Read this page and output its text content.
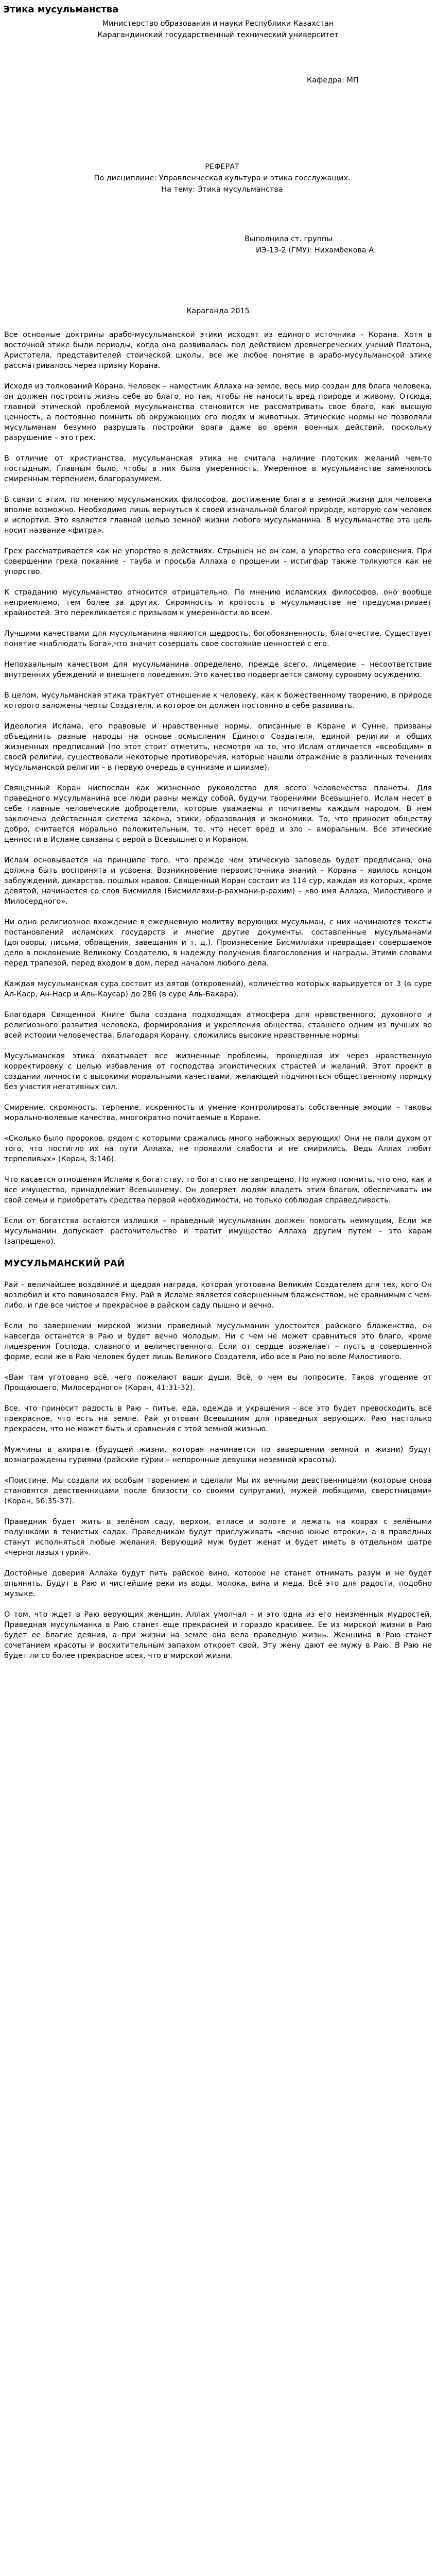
Этика мусульманства
Министерство образования и науки Республики Казахстан
Карагандинский государственный технический университет
Кафедра: МП
РЕФЕРАТ
По дисциплине: Управленческая культура и этика госслужащих.
На тему: Этика мусульманства
Выполнила ст. группы
ИЭ-13-2 (ГМУ): Нихамбекова А.
Караганда 2015

Все основные доктрины арабо-мусульманской этики исходят из единого источника - Корана. Хотя в восточной этике были периоды, когда она развивалась под действием древнегреческих учений Платона, Аристотеля, представителей стоической школы, все же любое понятие в арабо-мусульманской этике рассматривалось через призму Корана.

Исходя из толкований Корана. Человек – наместник Аллаха на земле, весь мир создан для блага человека, он должен построить жизнь себе во благо, но так, чтобы не наносить вред природе и живому. Отсюда, главной этической проблемой мусульманства становится не рассматривать свое благо, как высшую ценность, а постоянно помнить об окружающих его людях и животных. Этические нормы не позволяли мусульманам безумно разрушать постройки врага даже во время военных действий, поскольку разрушение – это грех.

В отличие от христианства, мусульманская этика не считала наличие плотских желаний чем-то постыдным. Главным было, чтобы в них была умеренность. Умеренное в мусульманстве заменялось смиренным терпением, благоразумием.

В связи с этим, по мнению мусульманских философов, достижение блага в земной жизни для человека вполне возможно. Необходимо лишь вернуться к своей изначальной благой природе, которую сам человек и испортил. Это является главной целью земной жизни любого мусульманина. В мусульманстве эта цель носит название «фитра».

Грех рассматривается как не упорство в действиях. Стрышен не он сам, а упорство его совершения. При совершении греха покаяние – тауба и просьба Аллаха о прощении – истигфар также толкуются как не упорство.

К страданию мусульманство относится отрицательно. По мнению исламских философов, оно вообще неприемлемо, тем более за других. Скромность и кротость в мусульманстве не предусматривает крайностей. Это перекликается с призывом к умеренности во всем.

Лучшими качествами для мусульманина являются щедрость, богобоязненность, благочестие. Существует понятие «наблюдать Бога»,что значит созерцать свое состояние ценностей с его.

Непохвальным качеством для мусульманина определено, прежде всего, лицемерие – несоответствие внутренних убеждений и внешнего поведения. Это качество подвергается самому суровому осуждению.

В целом, мусульманская этика трактует отношение к человеку, как к божественному творению, в природе которого заложены черты Создателя, и которое он должен постоянно в себе развивать.

Идеология Ислама, его правовые и нравственные нормы, описанные в Коране и Сунне, призваны объединить разные народы на основе осмысления Единого Создателя, единой религии и общих жизненных предписаний (по этот стоит отметить, несмотря на то, что Ислам отличается «всеобщим» в своей религии, существовали некоторые противоречия, которые нашли отражение в различных течениях мусульманской религии – в первую очередь в суннизме и шиизме).

Священный Коран ниспослан как жизненное руководство для всего человечества планеты. Для праведного мусульманина все люди равны между собой, будучи творениями Всевышнего. Ислам несет в себе главные человеческие добродетели, которые уважаемы и почитаемы каждым народом. В нем заключена действенная система закона, этики, образования и экономики. То, что приносит обществу добро, считается морально положительным, то, что несет вред и зло – аморальным. Все этические ценности в Исламе связаны с верой в Всевышнего и Кораном.

Ислам основывается на принципе того, что прежде чем этическую заповедь будет предписана, она должна быть воспринята и усвоена. Возникновение первоисточника знаний – Корана – явилось концом заблуждений, дикарства, пошлых нравов. Священный Коран состоит из 114 сур, каждая из которых, кроме девятой, начинается со слов Бисмилля (Бисмилляхи-р-рахмани-р-рахим) – «во имя Аллаха, Милостивого и Милосердного».

Ни одно религиозное вхождение в ежедневную молитву верующих мусульман, с них начинаются тексты постановлений исламских государств и многие другие документы, составленные мусульманами (договоры, письма, обращения, завещания и т. д.). Произнесение Бисмиллахи превращает совершаемое дело в поклонение Великому Создателю, в надежду получения благословения и награды. Этими словами перед трапезой, перед входом в дом, перед началом любого дела.

Каждая мусульманская сура состоит из аятов (откровений), количество которых варьируется от 3 (в суре Ал-Каср, Ан-Наср и Аль-Каусар) до 286 (в суре Аль-Бакара).

Благодаря Священной Книге была создана подходящая атмосфера для нравственного, духовного и религиозного развития человека, формирования и укрепления общества, ставшего одним из лучших во всей истории человечества. Благодаря Корану, сложились высокие нравственные нормы.

Мусульманская этика охватывает все жизненные проблемы, прошедшая их через нравственную корректировку с целью избавления от господства эгоистических страстей и желаний. Этот проект в создании личности с высокими моральными качествами, желающей подчиняться общественному порядку без участия негативных сил.

Смирение, скромность, терпение, искренность и умение контролировать собственные эмоции – таковы морально-волевые качества, многократно почитаемые в Коране.

«Сколько было пророков, рядом с которыми сражались много набожных верующих! Они не пали духом от того, что постигло их на пути Аллаха, не проявили слабости и не смирились. Ведь Аллах любит терпеливых» (Коран, 3:146).

Что касается отношения Ислама к богатству, то богатство не запрещено. Но нужно помнить, что оно, как и все имущество, принадлежит Всевышнему. Он доверяет людям владеть этим благом, обеспечивать им свой семьи и приобретать средства первой необходимости, но только соблюдая справедливость.

Если от богатства остаются излишки – праведный мусульманин должен помогать неимущим, Если же мусульманин допускает расточительство и тратит имущество Аллаха другим путем – это харам (запрещено).

МУСУЛЬМАНСКИЙ РАЙ

Рай – величайшее воздаяние и щедрая награда, которая уготована Великим Создателем для тех, кого Он возлюбил и кто повиновался Ему. Рай в Исламе является совершенным блаженством, не сравнимым с чем-либо, и где все чистое и прекрасное в райском саду пышно и вечно.

Если по завершении мирской жизни праведный мусульманин удостоится райского блаженства, он навсегда останется в Раю и будет вечно молодым. Ни с чем не может сравниться это благо, кроме лицезрения Господа, славного и величественного. Если от сердце возжелает – пусть в совершенной форме, если же в Раю человек будет лишь Великого Создателя, ибо все в Раю по воле Милостивого.

«Вам там уготовано всё, чего пожелают ваши души. Всё, о чем вы попросите. Таков угощение от Прощающего, Милосердного» (Коран, 41:31-32).

Все, что приносит радость в Раю – питье, еда, одежда и украшения - все это будет превосходить всё прекрасное, что есть на земле. Рай уготован Всевышним для праведных верующих. Раю настолько прекрасен, что не может быть и сравнения с этой земной жизнью.

Мужчины в ахирате (будущей жизни, которая начинается по завершении земной и жизни) будут вознаграждены гуриями (райские гурии – непорочные девушки неземной красоты).

«Поистине, Мы создали их особым творением и сделали Мы их вечными девственницами (которые снова становятся девственницами после близости со своими супругами), мужей любящими, сверстницами» (Коран, 56:35-37).

Праведник будет жить в зелёном саду, верхом, атласе и золоте и лежать на коврах с зелёными подушками в тенистых садах. Праведникам будут прислуживать «вечно юные отроки», а в праведных станут исполняться любые желания. Верующий муж будет женат и будет иметь в отдельном шатре «черноглазых гурий».

Достойные доверия Аллаха будут пить райское вино, которое не станет отнимать разум и не будет опьянять. Будут в Раю и чистейшие реки из воды, молока, вина и меда. Всё это для радости, подобно музыке.

О том, что ждет в Раю верующих женщин, Аллах умолчал – и это одна из его неизменных мудростей. Праведная мусульманка в Раю станет еще прекрасней и гораздо красивее. Ее из мирской жизни в Раю будет ее благие деяния, а при жизни на земле она вела праведную жизнь. Женщина в Раю станет сочетанием красоты и восхитительным запахом откроет свой, Эту жену дают ее мужу в Раю. В Раю не будет ли со более прекрасное всех, что в мирской жизни.
